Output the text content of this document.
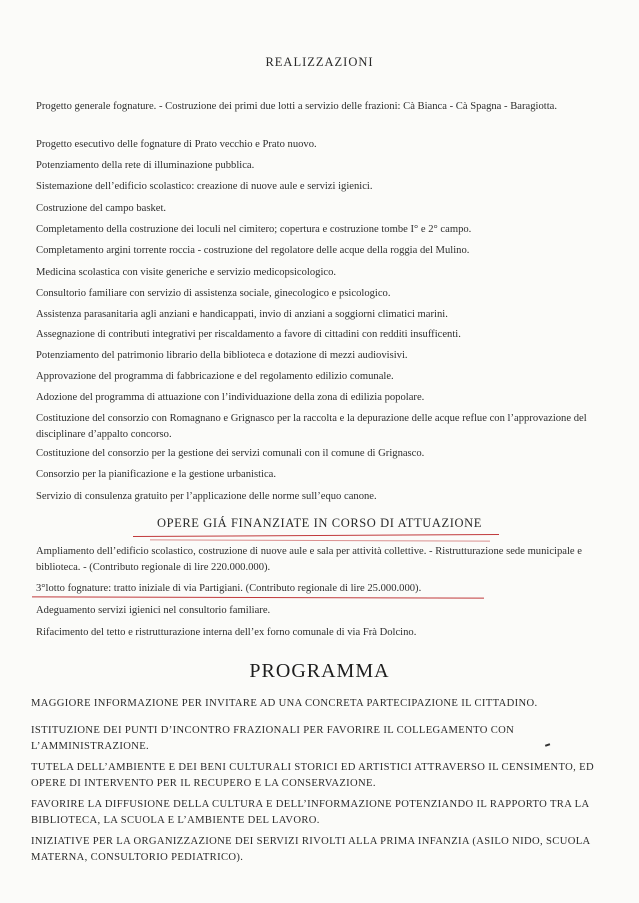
REALIZZAZIONI
Progetto generale fognature. - Costruzione dei primi due lotti a servizio delle frazioni: Cà Bianca - Cà Spagna - Baragiotta.
Progetto esecutivo delle fognature di Prato vecchio e Prato nuovo.
Potenziamento della rete di illuminazione pubblica.
Sistemazione dell’edificio scolastico: creazione di nuove aule e servizi igienici.
Costruzione del campo basket.
Completamento della costruzione dei loculi nel cimitero; copertura e costruzione tombe I° e 2° campo.
Completamento argini torrente roccia - costruzione del regolatore delle acque della roggia del Mulino.
Medicina scolastica con visite generiche e servizio medicopsicologico.
Consultorio familiare con servizio di assistenza sociale, ginecologico e psicologico.
Assistenza parasanitaria agli anziani e handicappati, invio di anziani a soggiorni climatici marini.
Assegnazione di contributi integrativi per riscaldamento a favore di cittadini con redditi insufficenti.
Potenziamento del patrimonio librario della biblioteca e dotazione di mezzi audiovisivi.
Approvazione del programma di fabbricazione e del regolamento edilizio comunale.
Adozione del programma di attuazione con l’individuazione della zona di edilizia popolare.
Costituzione del consorzio con Romagnano e Grignasco per la raccolta e la depurazione delle acque reflue con l’approvazione del disciplinare d’appalto concorso.
Costituzione del consorzio per la gestione dei servizi comunali con il comune di Grignasco.
Consorzio per la pianificazione e la gestione urbanistica.
Servizio di consulenza gratuito per l’applicazione delle norme sull’equo canone.
OPERE GIÁ FINANZIATE IN CORSO DI ATTUAZIONE
Ampliamento dell’edificio scolastico, costruzione di nuove aule e sala per attività collettive. - Ristrutturazione sede municipale e biblioteca. - (Contributo regionale di lire 220.000.000).
3°lotto fognature: tratto iniziale di via Partigiani. (Contributo regionale di lire 25.000.000).
Adeguamento servizi igienici nel consultorio familiare.
Rifacimento del tetto e ristrutturazione interna dell’ex forno comunale di via Frà Dolcino.
PROGRAMMA
MAGGIORE INFORMAZIONE PER INVITARE AD UNA CONCRETA PARTECIPAZIONE IL CITTADINO.
ISTITUZIONE DEI PUNTI D’INCONTRO FRAZIONALI PER FAVORIRE IL COLLEGAMENTO CON L’AMMINISTRAZIONE.
TUTELA DELL’AMBIENTE E DEI BENI CULTURALI STORICI ED ARTISTICI ATTRAVERSO IL CENSIMENTO, ED OPERE DI INTERVENTO PER IL RECUPERO E LA CONSERVAZIONE.
FAVORIRE LA DIFFUSIONE DELLA CULTURA E DELL’INFORMAZIONE POTENZIANDO IL RAPPORTO TRA LA BIBLIOTECA, LA SCUOLA E L’AMBIENTE DEL LAVORO.
INIZIATIVE PER LA ORGANIZZAZIONE DEI SERVIZI RIVOLTI ALLA PRIMA INFANZIA (ASILO NIDO, SCUOLA MATERNA, CONSULTORIO PEDIATRICO).
